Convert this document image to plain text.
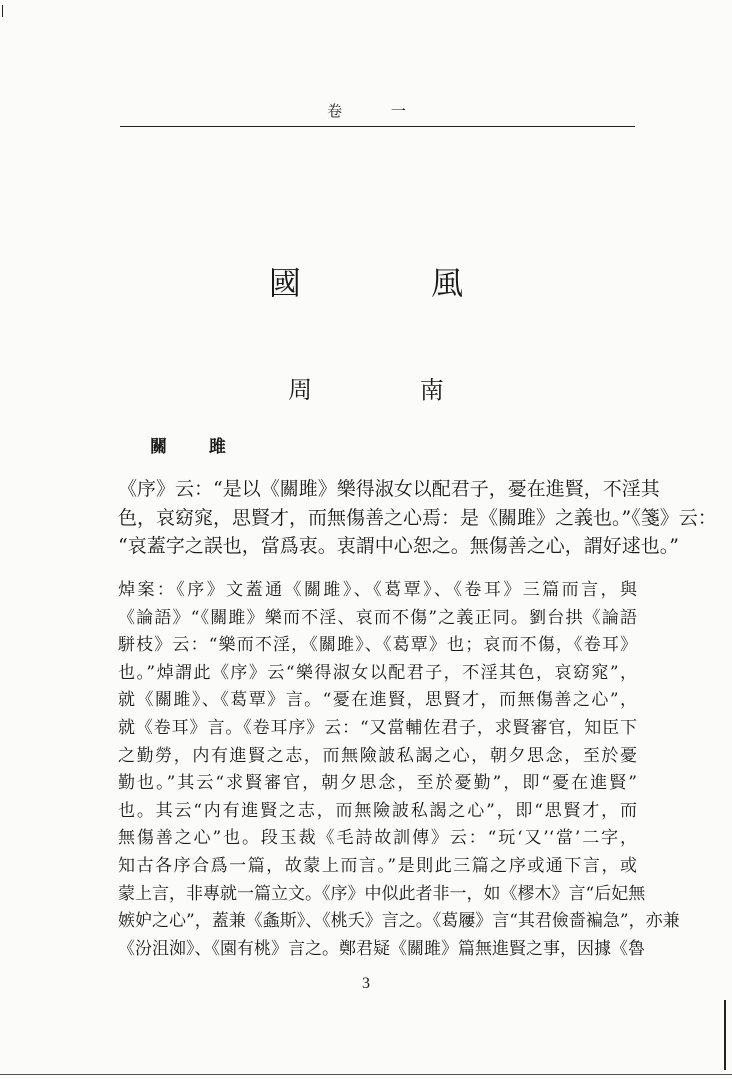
卷 一
國 風
周 南
關 雎
《序》云：“是以《關雎》樂得淑女以配君子，憂在進賢，不淫其
色，哀窈窕，思賢才，而無傷善之心焉：是《關雎》之義也。”《箋》云：
“哀蓋字之誤也，當爲衷。衷謂中心恕之。無傷善之心，謂好逑也。”
焯案：《序》文蓋通《關雎》、《葛覃》、《卷耳》三篇而言，與
《論語》“《關雎》樂而不淫、哀而不傷”之義正同。劉台拱《論語
駢枝》云：“樂而不淫，《關雎》、《葛覃》也；哀而不傷，《卷耳》
也。”焯謂此《序》云“樂得淑女以配君子，不淫其色，哀窈窕”，
就《關雎》、《葛覃》言。“憂在進賢，思賢才，而無傷善之心”，
就《卷耳》言。《卷耳序》云：“又當輔佐君子，求賢審官，知臣下
之勤勞，内有進賢之志，而無險詖私謁之心，朝夕思念，至於憂
勤也。”其云“求賢審官，朝夕思念，至於憂勤”，即“憂在進賢”
也。其云“内有進賢之志，而無險詖私謁之心”，即“思賢才，而
無傷善之心”也。段玉裁《毛詩故訓傳》云：“玩‘又’‘當’二字，
知古各序合爲一篇，故蒙上而言。”是則此三篇之序或通下言，或
蒙上言，非專就一篇立文。《序》中似此者非一，如《樛木》言“后妃無
嫉妒之心”，蓋兼《螽斯》、《桃夭》言之。《葛屨》言“其君儉嗇褊急”，亦兼
《汾沮洳》、《園有桃》言之。鄭君疑《關雎》篇無進賢之事，因據《魯
3
